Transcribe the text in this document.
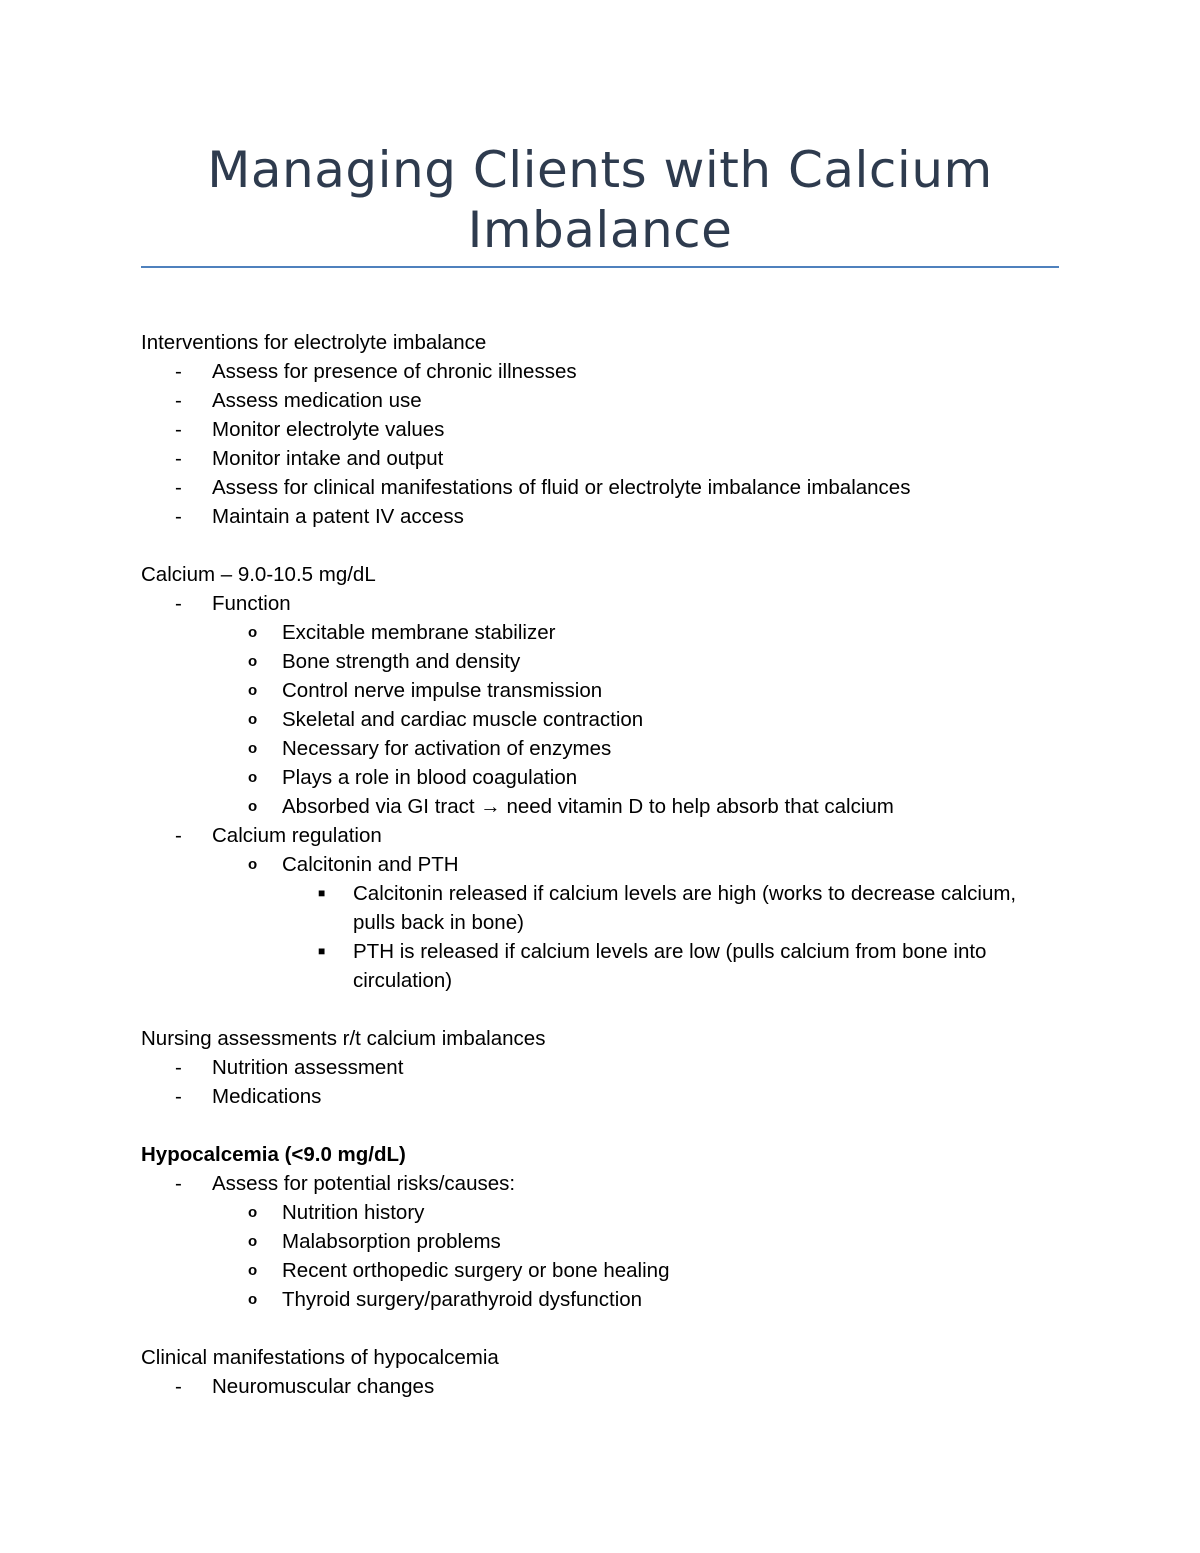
Managing Clients with Calcium Imbalance

Interventions for electrolyte imbalance

- Assess for presence of chronic illnesses
- Assess medication use
- Monitor electrolyte values
- Monitor intake and output
- Assess for clinical manifestations of fluid or electrolyte imbalance imbalances
- Maintain a patent IV access

Calcium – 9.0-10.5 mg/dL

- Function
o Excitable membrane stabilizer
o Bone strength and density
o Control nerve impulse transmission
o Skeletal and cardiac muscle contraction
o Necessary for activation of enzymes
o Plays a role in blood coagulation
o Absorbed via GI tract → need vitamin D to help absorb that calcium
- Calcium regulation
o Calcitonin and PTH
■ Calcitonin released if calcium levels are high (works to decrease calcium, pulls back in bone)
■ PTH is released if calcium levels are low (pulls calcium from bone into circulation)

Nursing assessments r/t calcium imbalances

- Nutrition assessment
- Medications

Hypocalcemia (<9.0 mg/dL)

- Assess for potential risks/causes:
o Nutrition history
o Malabsorption problems
o Recent orthopedic surgery or bone healing
o Thyroid surgery/parathyroid dysfunction

Clinical manifestations of hypocalcemia

- Neuromuscular changes
